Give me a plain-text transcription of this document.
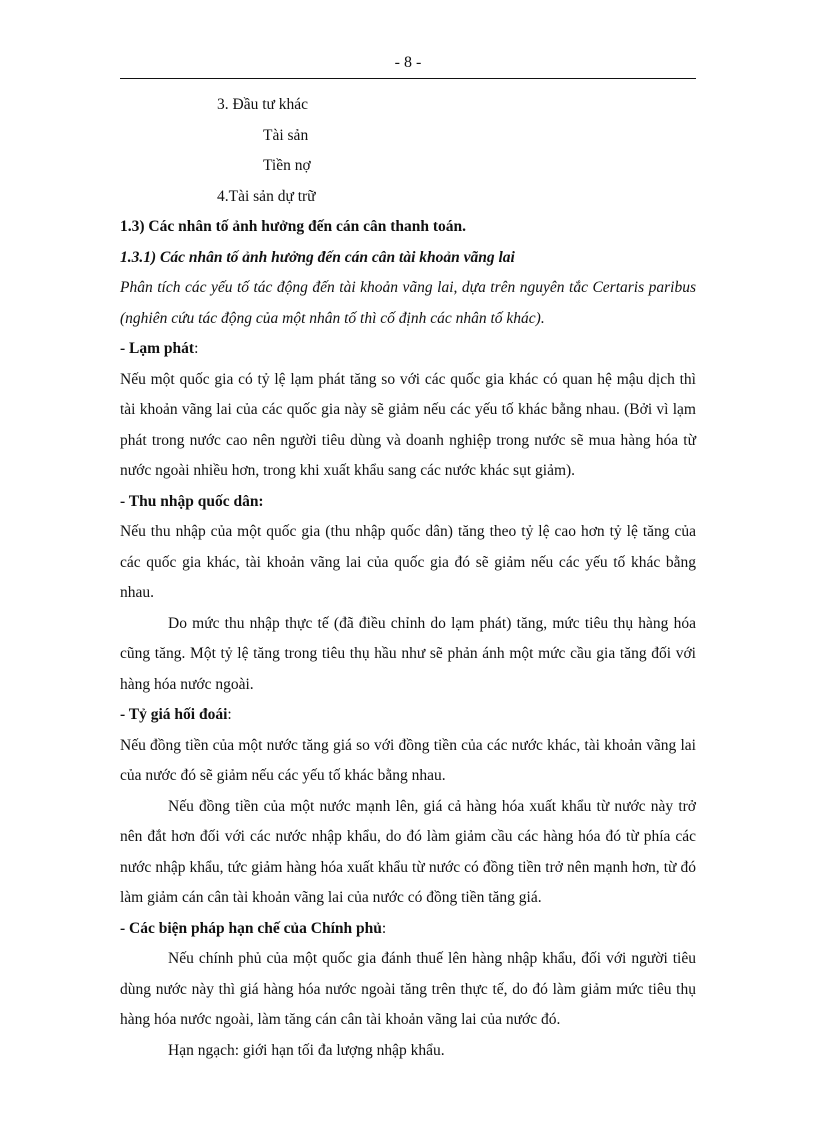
- 8 -

3. Đầu tư khác

Tài sản

Tiền nợ

4.Tài sản dự trữ

1.3) Các nhân tố ảnh hưởng đến cán cân thanh toán.

1.3.1) Các nhân tố ảnh hưởng đến cán cân tài khoản vãng lai

Phân tích các yếu tố tác động đến tài khoản vãng lai, dựa trên nguyên tắc Certaris paribus (nghiên cứu tác động của một nhân tố thì cố định các nhân tố khác).

- Lạm phát:

Nếu một quốc gia có tỷ lệ lạm phát tăng so với các quốc gia khác có quan hệ mậu dịch thì tài khoản vãng lai của các quốc gia này sẽ giảm nếu các yếu tố khác bằng nhau. (Bởi vì lạm phát trong nước cao nên người tiêu dùng và doanh nghiệp trong nước sẽ mua hàng hóa từ nước ngoài nhiều hơn, trong khi xuất khẩu sang các nước khác sụt giảm).

- Thu nhập quốc dân:

Nếu thu nhập của một quốc gia (thu nhập quốc dân) tăng theo tỷ lệ cao hơn tỷ lệ tăng của các quốc gia khác, tài khoản vãng lai của quốc gia đó sẽ giảm nếu các yếu tố khác bằng nhau.

Do mức thu nhập thực tế (đã điều chỉnh do lạm phát) tăng, mức tiêu thụ hàng hóa cũng tăng. Một tỷ lệ tăng trong tiêu thụ hầu như sẽ phản ánh một mức cầu gia tăng đối với hàng hóa nước ngoài.

- Tỷ giá hối đoái:

Nếu đồng tiền của một nước tăng giá so với đồng tiền của các nước khác, tài khoản vãng lai của nước đó sẽ giảm nếu các yếu tố khác bằng nhau.

Nếu đồng tiền của một nước mạnh lên, giá cả hàng hóa xuất khẩu từ nước này trở nên đắt hơn đối với các nước nhập khẩu, do đó làm giảm cầu các hàng hóa đó từ phía các nước nhập khẩu, tức giảm hàng hóa xuất khẩu từ nước có đồng tiền trở nên mạnh hơn, từ đó làm giảm cán cân tài khoản vãng lai của nước có đồng tiền tăng giá.

- Các biện pháp hạn chế của Chính phủ:

Nếu chính phủ của một quốc gia đánh thuế lên hàng nhập khẩu, đối với người tiêu dùng nước này thì giá hàng hóa nước ngoài tăng trên thực tế, do đó làm giảm mức tiêu thụ hàng hóa nước ngoài, làm tăng cán cân tài khoản vãng lai của nước đó.

Hạn ngạch: giới hạn tối đa lượng nhập khẩu.
